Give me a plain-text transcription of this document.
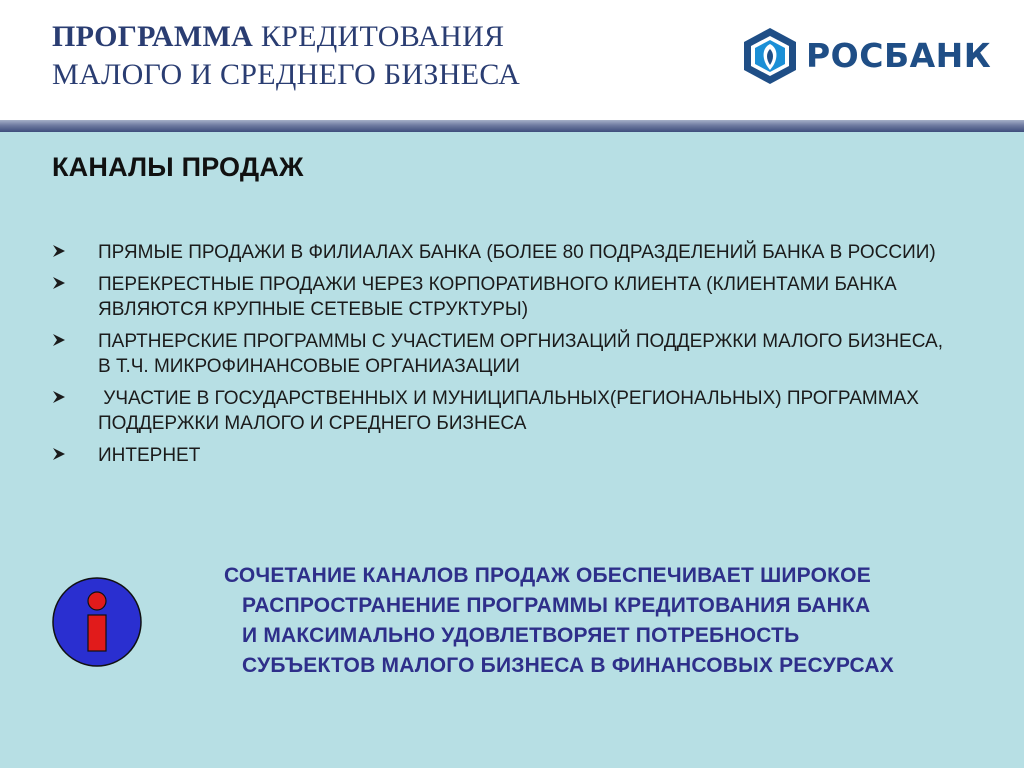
ПРОГРАММА КРЕДИТОВАНИЯ
МАЛОГО И СРЕДНЕГО БИЗНЕСА	РОСБАНК
КАНАЛЫ ПРОДАЖ
ПРЯМЫЕ ПРОДАЖИ В ФИЛИАЛАХ БАНКА (БОЛЕЕ 80 ПОДРАЗДЕЛЕНИЙ БАНКА В РОССИИ)
ПЕРЕКРЕСТНЫЕ ПРОДАЖИ ЧЕРЕЗ КОРПОРАТИВНОГО КЛИЕНТА (КЛИЕНТАМИ БАНКА
ЯВЛЯЮТСЯ КРУПНЫЕ СЕТЕВЫЕ СТРУКТУРЫ)
ПАРТНЕРСКИЕ ПРОГРАММЫ С УЧАСТИЕМ ОРГНИЗАЦИЙ ПОДДЕРЖКИ МАЛОГО БИЗНЕСА,
В Т.Ч. МИКРОФИНАНСОВЫЕ ОРГАНИАЗАЦИИ
УЧАСТИЕ В ГОСУДАРСТВЕННЫХ И МУНИЦИПАЛЬНЫХ(РЕГИОНАЛЬНЫХ) ПРОГРАММАХ
ПОДДЕРЖКИ МАЛОГО И СРЕДНЕГО БИЗНЕСА
ИНТЕРНЕТ
СОЧЕТАНИЕ КАНАЛОВ ПРОДАЖ ОБЕСПЕЧИВАЕТ ШИРОКОЕ
РАСПРОСТРАНЕНИЕ ПРОГРАММЫ КРЕДИТОВАНИЯ БАНКА
И МАКСИМАЛЬНО УДОВЛЕТВОРЯЕТ ПОТРЕБНОСТЬ
СУБЪЕКТОВ МАЛОГО БИЗНЕСА В ФИНАНСОВЫХ РЕСУРСАХ
